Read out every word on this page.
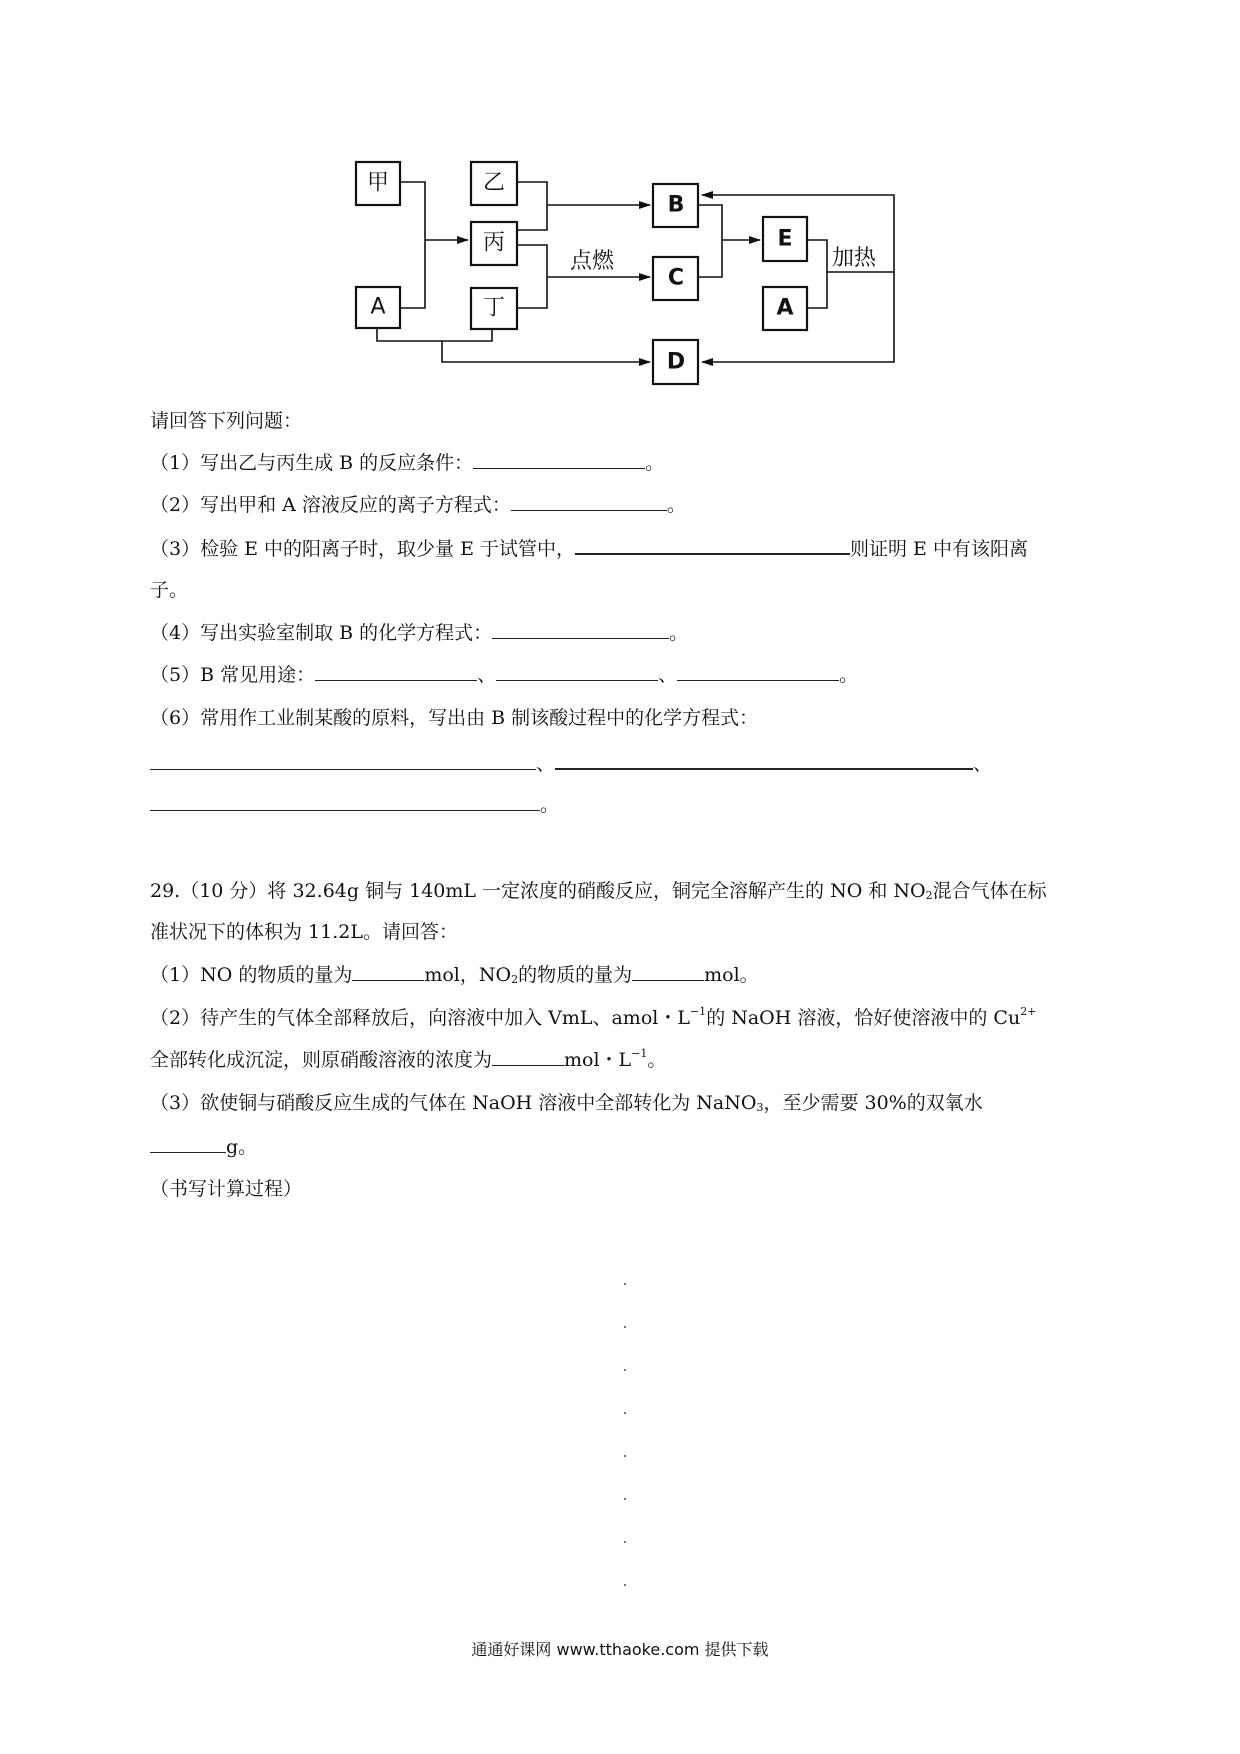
甲
A
乙
丙
丁
B
C
D
E
A
点燃	加热
请回答下列问题：
（1）写出乙与丙生成 B 的反应条件：	。
（2）写出甲和 A 溶液反应的离子方程式：	。
（3）检验 E 中的阳离子时，取少量 E 于试管中，	则证明 E 中有该阳离
子。
（4）写出实验室制取 B 的化学方程式：	。
（5）B 常见用途：	、	、	。
（6）常用作工业制某酸的原料，写出由 B 制该酸过程中的化学方程式：
、	、
。
29.（10 分）将 32.64g 铜与 140mL 一定浓度的硝酸反应，铜完全溶解产生的 NO 和 $NO_2$混合气体在标
准状况下的体积为 11.2L。请回答：
（1）NO 的物质的量为	mol，$NO_2$的物质的量为	mol。
（2）待产生的气体全部释放后，向溶液中加入 VmL、amol・$L^{-1}$的 NaOH 溶液，恰好使溶液中的 $Cu^{2+}$
全部转化成沉淀，则原硝酸溶液的浓度为	mol・$L^{-1}$。
（3）欲使铜与硝酸反应生成的气体在 NaOH 溶液中全部转化为 NaNO$_3$，至少需要 30%的双氧水
g。
（书写计算过程）
通通好课网 www.tthaoke.com 提供下载
